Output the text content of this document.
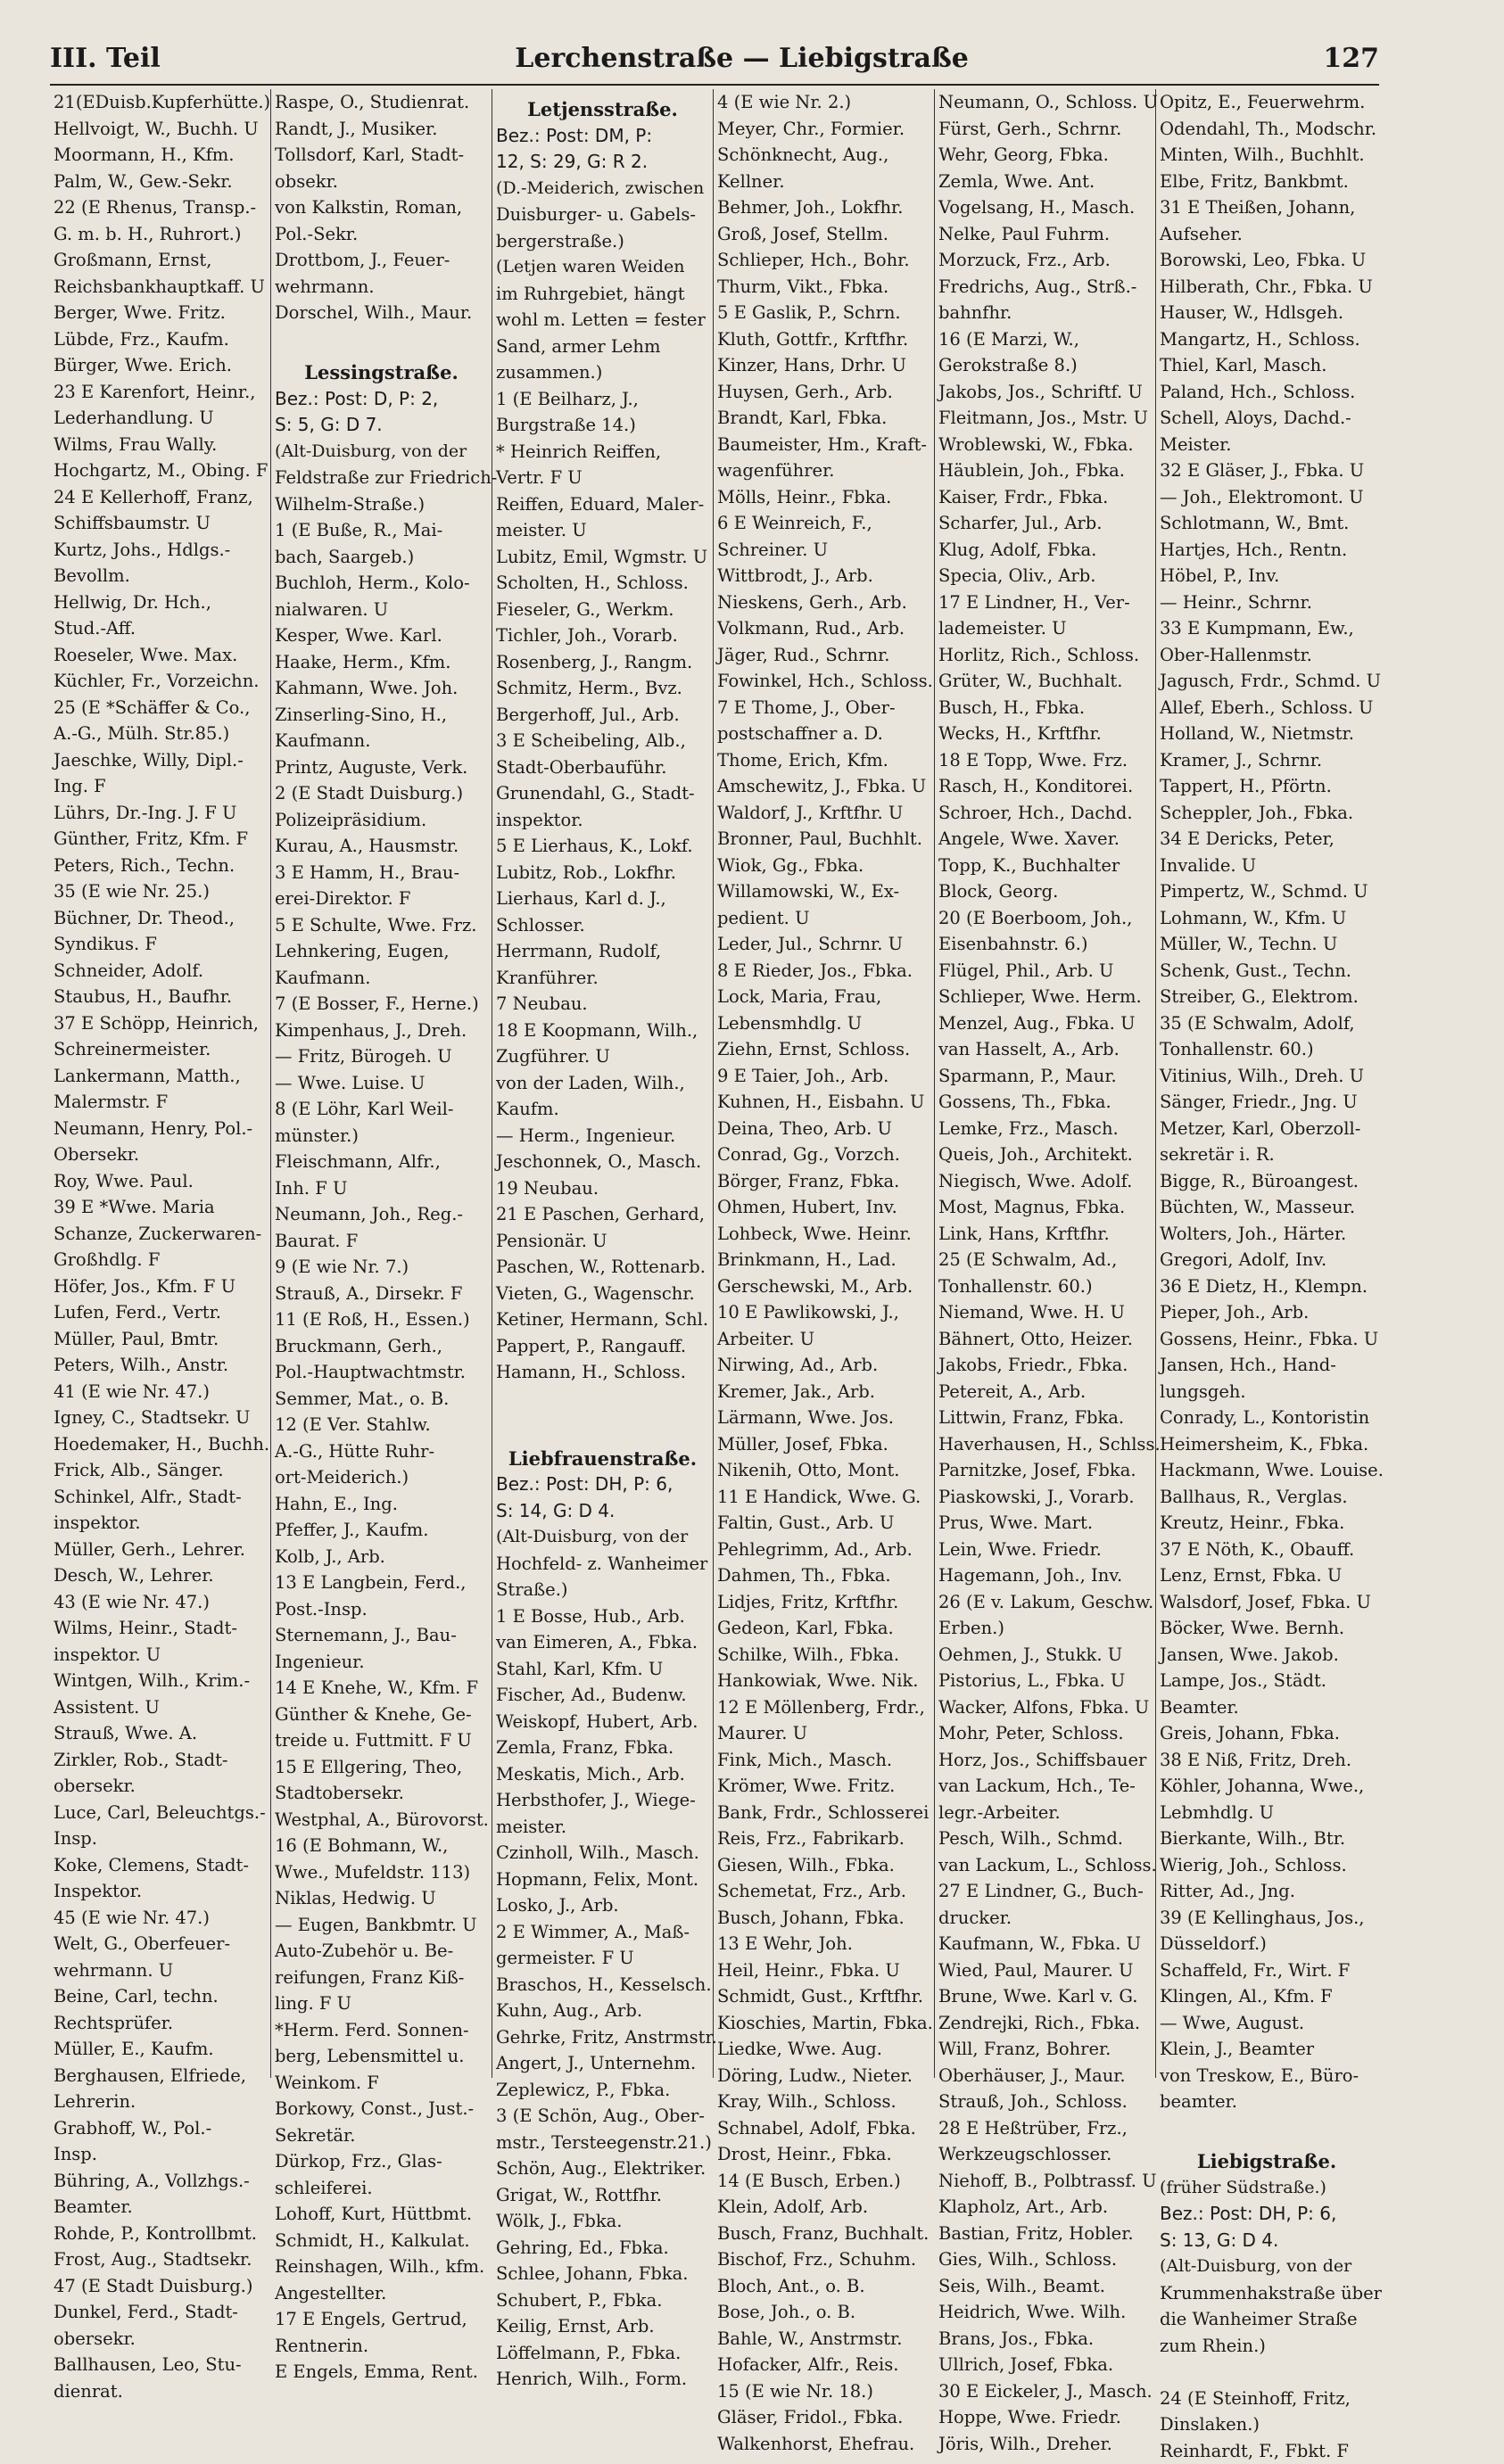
III. Teil	Lerchenstraße — Liebigstraße	127

21(EDuisb.Kupferhütte.)

Hellvoigt, W., Buchh. U

Moormann, H., Kfm.

Palm, W., Gew.-Sekr.

22 (E Rhenus, Transp.-

G. m. b. H., Ruhrort.)

Großmann, Ernst,

Reichsbankhauptkaff. U

Berger, Wwe. Fritz.

Lübde, Frz., Kaufm.

Bürger, Wwe. Erich.

23 E Karenfort, Heinr.,

Lederhandlung. U

Wilms, Frau Wally.

Hochgartz, M., Obing. F

24 E Kellerhoff, Franz,

Schiffsbaumstr. U

Kurtz, Johs., Hdlgs.-

Bevollm.

Hellwig, Dr. Hch.,

Stud.-Aff.

Roeseler, Wwe. Max.

Küchler, Fr., Vorzeichn.

25 (E *Schäffer & Co.,

A.-G., Mülh. Str.85.)

Jaeschke, Willy, Dipl.-

Ing. F

Lührs, Dr.-Ing. J. F U

Günther, Fritz, Kfm. F

Peters, Rich., Techn.

35 (E wie Nr. 25.)

Büchner, Dr. Theod.,

Syndikus. F

Schneider, Adolf.

Staubus, H., Baufhr.

37 E Schöpp, Heinrich,

Schreinermeister.

Lankermann, Matth.,

Malermstr. F

Neumann, Henry, Pol.-

Obersekr.

Roy, Wwe. Paul.

39 E *Wwe. Maria

Schanze, Zuckerwaren-

Großhdlg. F

Höfer, Jos., Kfm. F U

Lufen, Ferd., Vertr.

Müller, Paul, Bmtr.

Peters, Wilh., Anstr.

41 (E wie Nr. 47.)

Igney, C., Stadtsekr. U

Hoedemaker, H., Buchh.

Frick, Alb., Sänger.

Schinkel, Alfr., Stadt-

inspektor.

Müller, Gerh., Lehrer.

Desch, W., Lehrer.

43 (E wie Nr. 47.)

Wilms, Heinr., Stadt-

inspektor. U

Wintgen, Wilh., Krim.-

Assistent. U

Strauß, Wwe. A.

Zirkler, Rob., Stadt-

obersekr.

Luce, Carl, Beleuchtgs.-

Insp.

Koke, Clemens, Stadt-

Inspektor.

45 (E wie Nr. 47.)

Welt, G., Oberfeuer-

wehrmann. U

Beine, Carl, techn.

Rechtsprüfer.

Müller, E., Kaufm.

Berghausen, Elfriede,

Lehrerin.

Grabhoff, W., Pol.-

Insp.

Bühring, A., Vollzhgs.-

Beamter.

Rohde, P., Kontrollbmt.

Frost, Aug., Stadtsekr.

47 (E Stadt Duisburg.)

Dunkel, Ferd., Stadt-

obersekr.

Ballhausen, Leo, Stu-

dienrat.

Raspe, O., Studienrat.

Randt, J., Musiker.

Tollsdorf, Karl, Stadt-

obsekr.

von Kalkstin, Roman,

Pol.-Sekr.

Drottbom, J., Feuer-

wehrmann.

Dorschel, Wilh., Maur.

Lessingstraße.

Bez.: Post: D, P: 2,

S: 5, G: D 7.

(Alt-Duisburg, von der

Feldstraße zur Friedrich-

Wilhelm-Straße.)

1 (E Buße, R., Mai-

bach, Saargeb.)

Buchloh, Herm., Kolo-

nialwaren. U

Kesper, Wwe. Karl.

Haake, Herm., Kfm.

Kahmann, Wwe. Joh.

Zinserling-Sino, H.,

Kaufmann.

Printz, Auguste, Verk.

2 (E Stadt Duisburg.)

Polizeipräsidium.

Kurau, A., Hausmstr.

3 E Hamm, H., Brau-

erei-Direktor. F

5 E Schulte, Wwe. Frz.

Lehnkering, Eugen,

Kaufmann.

7 (E Bosser, F., Herne.)

Kimpenhaus, J., Dreh.

— Fritz, Bürogeh. U

— Wwe. Luise. U

8 (E Löhr, Karl Weil-

münster.)

Fleischmann, Alfr.,

Inh. F U

Neumann, Joh., Reg.-

Baurat. F

9 (E wie Nr. 7.)

Strauß, A., Dirsekr. F

11 (E Roß, H., Essen.)

Bruckmann, Gerh.,

Pol.-Hauptwachtmstr.

Semmer, Mat., o. B.

12 (E Ver. Stahlw.

A.-G., Hütte Ruhr-

ort-Meiderich.)

Hahn, E., Ing.

Pfeffer, J., Kaufm.

Kolb, J., Arb.

13 E Langbein, Ferd.,

Post.-Insp.

Sternemann, J., Bau-

Ingenieur.

14 E Knehe, W., Kfm. F

Günther & Knehe, Ge-

treide u. Futtmitt. F U

15 E Ellgering, Theo,

Stadtobersekr.

Westphal, A., Bürovorst.

16 (E Bohmann, W.,

Wwe., Mufeldstr. 113)

Niklas, Hedwig. U

— Eugen, Bankbmtr. U

Auto-Zubehör u. Be-

reifungen, Franz Kiß-

ling. F U

*Herm. Ferd. Sonnen-

berg, Lebensmittel u.

Weinkom. F

Borkowy, Const., Just.-

Sekretär.

Dürkop, Frz., Glas-

schleiferei.

Lohoff, Kurt, Hüttbmt.

Schmidt, H., Kalkulat.

Reinshagen, Wilh., kfm.

Angestellter.

17 E Engels, Gertrud,

Rentnerin.

E Engels, Emma, Rent.

Letjensstraße.

Bez.: Post: DM, P:

12, S: 29, G: R 2.

(D.-Meiderich, zwischen

Duisburger- u. Gabels-

bergerstraße.)

(Letjen waren Weiden

im Ruhrgebiet, hängt

wohl m. Letten = fester

Sand, armer Lehm

zusammen.)

1 (E Beilharz, J.,

Burgstraße 14.)

* Heinrich Reiffen,

Vertr. F U

Reiffen, Eduard, Maler-

meister. U

Lubitz, Emil, Wgmstr. U

Scholten, H., Schloss.

Fieseler, G., Werkm.

Tichler, Joh., Vorarb.

Rosenberg, J., Rangm.

Schmitz, Herm., Bvz.

Bergerhoff, Jul., Arb.

3 E Scheibeling, Alb.,

Stadt-Oberbauführ.

Grunendahl, G., Stadt-

inspektor.

5 E Lierhaus, K., Lokf.

Lubitz, Rob., Lokfhr.

Lierhaus, Karl d. J.,

Schlosser.

Herrmann, Rudolf,

Kranführer.

7 Neubau.

18 E Koopmann, Wilh.,

Zugführer. U

von der Laden, Wilh.,

Kaufm.

— Herm., Ingenieur.

Jeschonnek, O., Masch.

19 Neubau.

21 E Paschen, Gerhard,

Pensionär. U

Paschen, W., Rottenarb.

Vieten, G., Wagenschr.

Ketiner, Hermann, Schl.

Pappert, P., Rangauff.

Hamann, H., Schloss.

Liebfrauenstraße.

Bez.: Post: DH, P: 6,

S: 14, G: D 4.

(Alt-Duisburg, von der

Hochfeld- z. Wanheimer

Straße.)

1 E Bosse, Hub., Arb.

van Eimeren, A., Fbka.

Stahl, Karl, Kfm. U

Fischer, Ad., Budenw.

Weiskopf, Hubert, Arb.

Zemla, Franz, Fbka.

Meskatis, Mich., Arb.

Herbsthofer, J., Wiege-

meister.

Czinholl, Wilh., Masch.

Hopmann, Felix, Mont.

Losko, J., Arb.

2 E Wimmer, A., Maß-

germeister. F U

Braschos, H., Kesselsch.

Kuhn, Aug., Arb.

Gehrke, Fritz, Anstrmstr.

Angert, J., Unternehm.

Zeplewicz, P., Fbka.

3 (E Schön, Aug., Ober-

mstr., Tersteegenstr.21.)

Schön, Aug., Elektriker.

Grigat, W., Rottfhr.

Wölk, J., Fbka.

Gehring, Ed., Fbka.

Schlee, Johann, Fbka.

Schubert, P., Fbka.

Keilig, Ernst, Arb.

Löffelmann, P., Fbka.

Henrich, Wilh., Form.

4 (E wie Nr. 2.)

Meyer, Chr., Formier.

Schönknecht, Aug.,

Kellner.

Behmer, Joh., Lokfhr.

Groß, Josef, Stellm.

Schlieper, Hch., Bohr.

Thurm, Vikt., Fbka.

5 E Gaslik, P., Schrn.

Kluth, Gottfr., Krftfhr.

Kinzer, Hans, Drhr. U

Huysen, Gerh., Arb.

Brandt, Karl, Fbka.

Baumeister, Hm., Kraft-

wagenführer.

Mölls, Heinr., Fbka.

6 E Weinreich, F.,

Schreiner. U

Wittbrodt, J., Arb.

Nieskens, Gerh., Arb.

Volkmann, Rud., Arb.

Jäger, Rud., Schrnr.

Fowinkel, Hch., Schloss.

7 E Thome, J., Ober-

postschaffner a. D.

Thome, Erich, Kfm.

Amschewitz, J., Fbka. U

Waldorf, J., Krftfhr. U

Bronner, Paul, Buchhlt.

Wiok, Gg., Fbka.

Willamowski, W., Ex-

pedient. U

Leder, Jul., Schrnr. U

8 E Rieder, Jos., Fbka.

Lock, Maria, Frau,

Lebensmhdlg. U

Ziehn, Ernst, Schloss.

9 E Taier, Joh., Arb.

Kuhnen, H., Eisbahn. U

Deina, Theo, Arb. U

Conrad, Gg., Vorzch.

Börger, Franz, Fbka.

Ohmen, Hubert, Inv.

Lohbeck, Wwe. Heinr.

Brinkmann, H., Lad.

Gerschewski, M., Arb.

10 E Pawlikowski, J.,

Arbeiter. U

Nirwing, Ad., Arb.

Kremer, Jak., Arb.

Lärmann, Wwe. Jos.

Müller, Josef, Fbka.

Nikenih, Otto, Mont.

11 E Handick, Wwe. G.

Faltin, Gust., Arb. U

Pehlegrimm, Ad., Arb.

Dahmen, Th., Fbka.

Lidjes, Fritz, Krftfhr.

Gedeon, Karl, Fbka.

Schilke, Wilh., Fbka.

Hankowiak, Wwe. Nik.

12 E Möllenberg, Frdr.,

Maurer. U

Fink, Mich., Masch.

Krömer, Wwe. Fritz.

Bank, Frdr., Schlosserei

Reis, Frz., Fabrikarb.

Giesen, Wilh., Fbka.

Schemetat, Frz., Arb.

Busch, Johann, Fbka.

13 E Wehr, Joh.

Heil, Heinr., Fbka. U

Schmidt, Gust., Krftfhr.

Kioschies, Martin, Fbka.

Liedke, Wwe. Aug.

Döring, Ludw., Nieter.

Kray, Wilh., Schloss.

Schnabel, Adolf, Fbka.

Drost, Heinr., Fbka.

14 (E Busch, Erben.)

Klein, Adolf, Arb.

Busch, Franz, Buchhalt.

Bischof, Frz., Schuhm.

Bloch, Ant., o. B.

Bose, Joh., o. B.

Bahle, W., Anstrmstr.

Hofacker, Alfr., Reis.

15 (E wie Nr. 18.)

Gläser, Fridol., Fbka.

Walkenhorst, Ehefrau.

Neumann, O., Schloss. U

Fürst, Gerh., Schrnr.

Wehr, Georg, Fbka.

Zemla, Wwe. Ant.

Vogelsang, H., Masch.

Nelke, Paul Fuhrm.

Morzuck, Frz., Arb.

Fredrichs, Aug., Strß.-

bahnfhr.

16 (E Marzi, W.,

Gerokstraße 8.)

Jakobs, Jos., Schriftf. U

Fleitmann, Jos., Mstr. U

Wroblewski, W., Fbka.

Häublein, Joh., Fbka.

Kaiser, Frdr., Fbka.

Scharfer, Jul., Arb.

Klug, Adolf, Fbka.

Specia, Oliv., Arb.

17 E Lindner, H., Ver-

lademeister. U

Horlitz, Rich., Schloss.

Grüter, W., Buchhalt.

Busch, H., Fbka.

Wecks, H., Krftfhr.

18 E Topp, Wwe. Frz.

Rasch, H., Konditorei.

Schroer, Hch., Dachd.

Angele, Wwe. Xaver.

Topp, K., Buchhalter

Block, Georg.

20 (E Boerboom, Joh.,

Eisenbahnstr. 6.)

Flügel, Phil., Arb. U

Schlieper, Wwe. Herm.

Menzel, Aug., Fbka. U

van Hasselt, A., Arb.

Sparmann, P., Maur.

Gossens, Th., Fbka.

Lemke, Frz., Masch.

Queis, Joh., Architekt.

Niegisch, Wwe. Adolf.

Most, Magnus, Fbka.

Link, Hans, Krftfhr.

25 (E Schwalm, Ad.,

Tonhallenstr. 60.)

Niemand, Wwe. H. U

Bähnert, Otto, Heizer.

Jakobs, Friedr., Fbka.

Petereit, A., Arb.

Littwin, Franz, Fbka.

Haverhausen, H., Schlss.

Parnitzke, Josef, Fbka.

Piaskowski, J., Vorarb.

Prus, Wwe. Mart.

Lein, Wwe. Friedr.

Hagemann, Joh., Inv.

26 (E v. Lakum, Geschw.

Erben.)

Oehmen, J., Stukk. U

Pistorius, L., Fbka. U

Wacker, Alfons, Fbka. U

Mohr, Peter, Schloss.

Horz, Jos., Schiffsbauer

van Lackum, Hch., Te-

legr.-Arbeiter.

Pesch, Wilh., Schmd.

van Lackum, L., Schloss.

27 E Lindner, G., Buch-

drucker.

Kaufmann, W., Fbka. U

Wied, Paul, Maurer. U

Brune, Wwe. Karl v. G.

Zendrejki, Rich., Fbka.

Will, Franz, Bohrer.

Oberhäuser, J., Maur.

Strauß, Joh., Schloss.

28 E Heßtrüber, Frz.,

Werkzeugschlosser.

Niehoff, B., Polbtrassf. U

Klapholz, Art., Arb.

Bastian, Fritz, Hobler.

Gies, Wilh., Schloss.

Seis, Wilh., Beamt.

Heidrich, Wwe. Wilh.

Brans, Jos., Fbka.

Ullrich, Josef, Fbka.

30 E Eickeler, J., Masch.

Hoppe, Wwe. Friedr.

Jöris, Wilh., Dreher.

Opitz, E., Feuerwehrm.

Odendahl, Th., Modschr.

Minten, Wilh., Buchhlt.

Elbe, Fritz, Bankbmt.

31 E Theißen, Johann,

Aufseher.

Borowski, Leo, Fbka. U

Hilberath, Chr., Fbka. U

Hauser, W., Hdlsgeh.

Mangartz, H., Schloss.

Thiel, Karl, Masch.

Paland, Hch., Schloss.

Schell, Aloys, Dachd.-

Meister.

32 E Gläser, J., Fbka. U

— Joh., Elektromont. U

Schlotmann, W., Bmt.

Hartjes, Hch., Rentn.

Höbel, P., Inv.

— Heinr., Schrnr.

33 E Kumpmann, Ew.,

Ober-Hallenmstr.

Jagusch, Frdr., Schmd. U

Allef, Eberh., Schloss. U

Holland, W., Nietmstr.

Kramer, J., Schrnr.

Tappert, H., Pförtn.

Scheppler, Joh., Fbka.

34 E Dericks, Peter,

Invalide. U

Pimpertz, W., Schmd. U

Lohmann, W., Kfm. U

Müller, W., Techn. U

Schenk, Gust., Techn.

Streiber, G., Elektrom.

35 (E Schwalm, Adolf,

Tonhallenstr. 60.)

Vitinius, Wilh., Dreh. U

Sänger, Friedr., Jng. U

Metzer, Karl, Oberzoll-

sekretär i. R.

Bigge, R., Büroangest.

Büchten, W., Masseur.

Wolters, Joh., Härter.

Gregori, Adolf, Inv.

36 E Dietz, H., Klempn.

Pieper, Joh., Arb.

Gossens, Heinr., Fbka. U

Jansen, Hch., Hand-

lungsgeh.

Conrady, L., Kontoristin

Heimersheim, K., Fbka.

Hackmann, Wwe. Louise.

Ballhaus, R., Verglas.

Kreutz, Heinr., Fbka.

37 E Nöth, K., Obauff.

Lenz, Ernst, Fbka. U

Walsdorf, Josef, Fbka. U

Böcker, Wwe. Bernh.

Jansen, Wwe. Jakob.

Lampe, Jos., Städt.

Beamter.

Greis, Johann, Fbka.

38 E Niß, Fritz, Dreh.

Köhler, Johanna, Wwe.,

Lebmhdlg. U

Bierkante, Wilh., Btr.

Wierig, Joh., Schloss.

Ritter, Ad., Jng.

39 (E Kellinghaus, Jos.,

Düsseldorf.)

Schaffeld, Fr., Wirt. F

Klingen, Al., Kfm. F

— Wwe, August.

Klein, J., Beamter

von Treskow, E., Büro-

beamter.

Liebigstraße.

(früher Südstraße.)

Bez.: Post: DH, P: 6,

S: 13, G: D 4.

(Alt-Duisburg, von der

Krummenhakstraße über

die Wanheimer Straße

zum Rhein.)

24 (E Steinhoff, Fritz,

Dinslaken.)

Reinhardt, F., Fbkt. F
